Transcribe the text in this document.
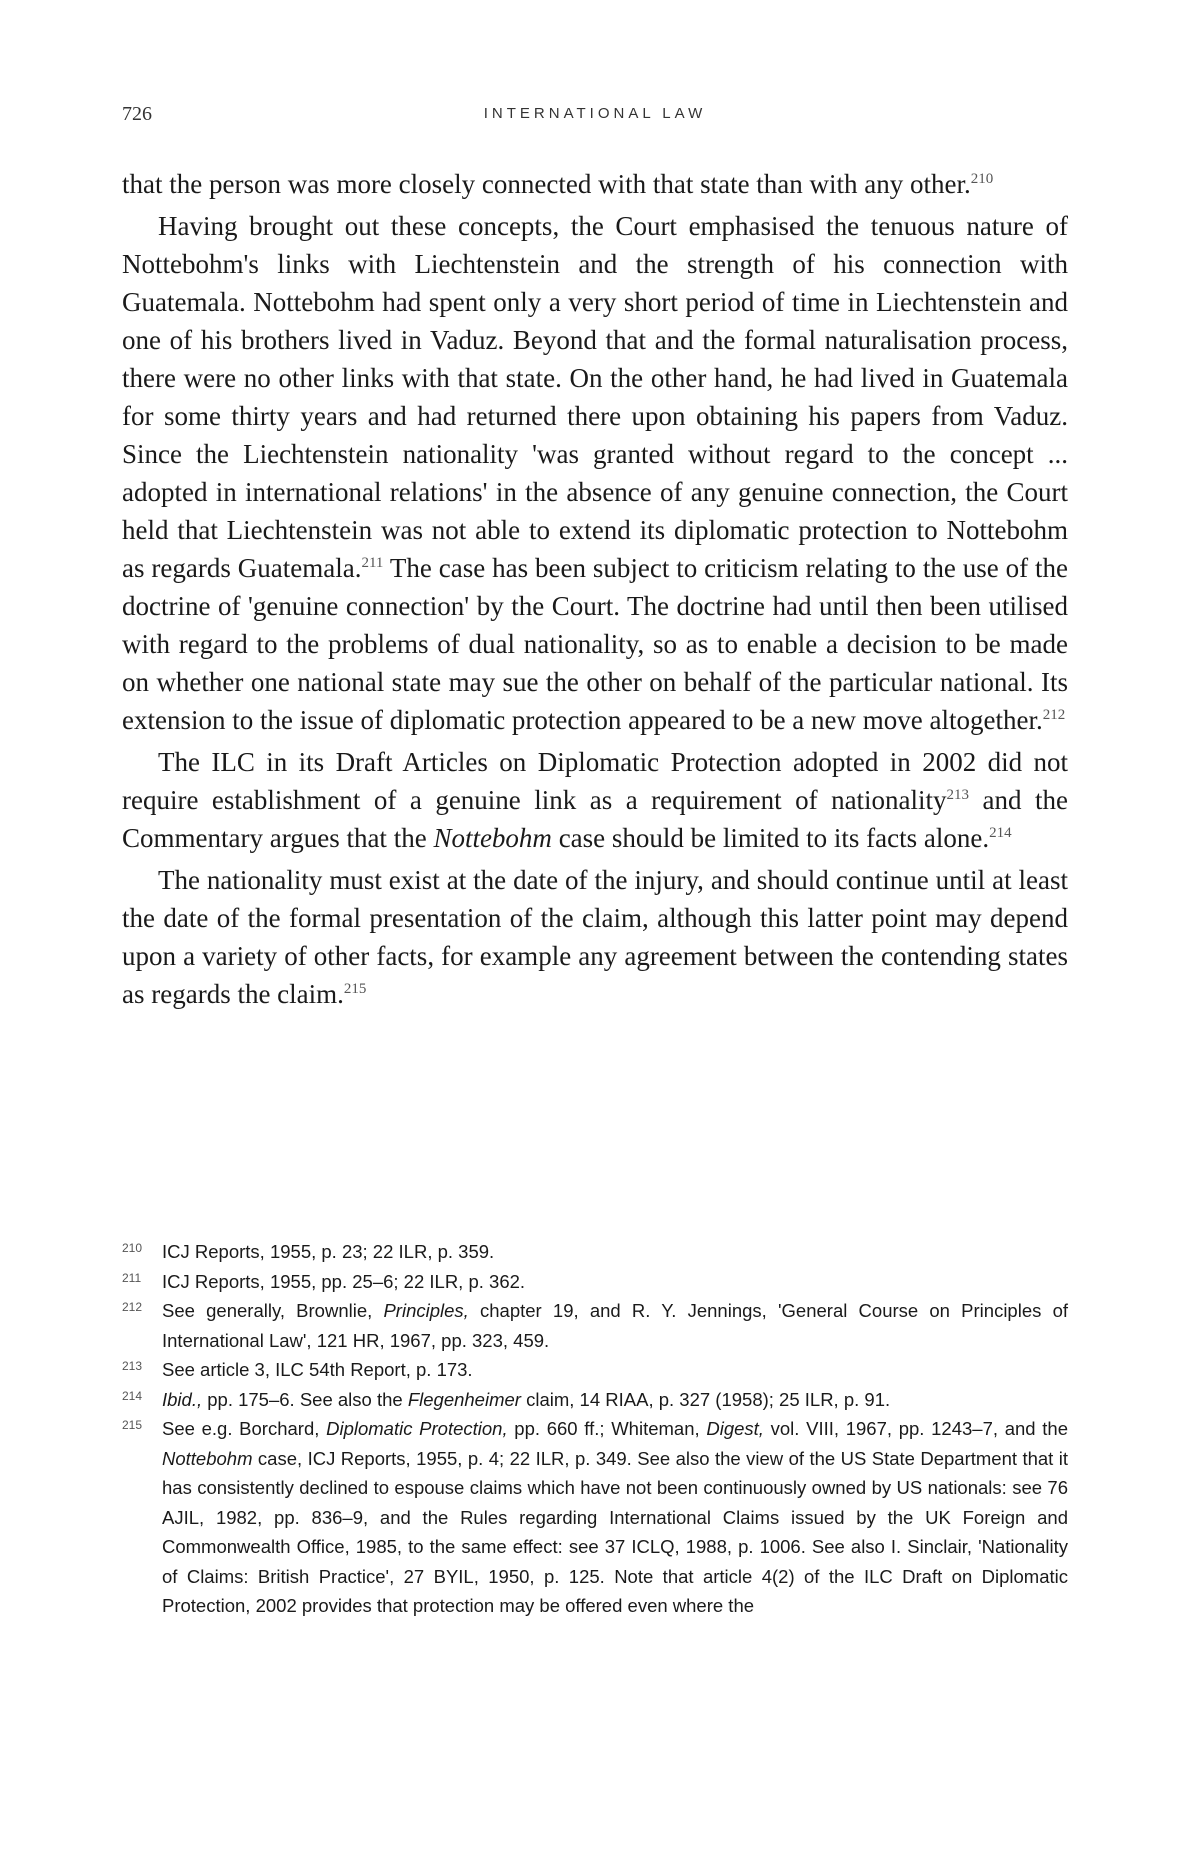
726	INTERNATIONAL LAW

that the person was more closely connected with that state than with any other.$^{210}$

Having brought out these concepts, the Court emphasised the tenuous nature of Nottebohm's links with Liechtenstein and the strength of his connection with Guatemala. Nottebohm had spent only a very short period of time in Liechtenstein and one of his brothers lived in Vaduz. Beyond that and the formal naturalisation process, there were no other links with that state. On the other hand, he had lived in Guatemala for some thirty years and had returned there upon obtaining his papers from Vaduz. Since the Liechtenstein nationality 'was granted without regard to the concept ... adopted in international relations' in the absence of any genuine connection, the Court held that Liechtenstein was not able to extend its diplomatic protection to Nottebohm as regards Guatemala.$^{211}$ The case has been subject to criticism relating to the use of the doctrine of 'genuine connection' by the Court. The doctrine had until then been utilised with regard to the problems of dual nationality, so as to enable a decision to be made on whether one national state may sue the other on behalf of the particular national. Its extension to the issue of diplomatic protection appeared to be a new move altogether.$^{212}$

The ILC in its Draft Articles on Diplomatic Protection adopted in 2002 did not require establishment of a genuine link as a requirement of nationality$^{213}$ and the Commentary argues that the Nottebohm case should be limited to its facts alone.$^{214}$

The nationality must exist at the date of the injury, and should continue until at least the date of the formal presentation of the claim, although this latter point may depend upon a variety of other facts, for example any agreement between the contending states as regards the claim.$^{215}$

210 ICJ Reports, 1955, p. 23; 22 ILR, p. 359.
211 ICJ Reports, 1955, pp. 25–6; 22 ILR, p. 362.
212 See generally, Brownlie, Principles, chapter 19, and R. Y. Jennings, 'General Course on Principles of International Law', 121 HR, 1967, pp. 323, 459.
213 See article 3, ILC 54th Report, p. 173.
214 Ibid., pp. 175–6. See also the Flegenheimer claim, 14 RIAA, p. 327 (1958); 25 ILR, p. 91.
215 See e.g. Borchard, Diplomatic Protection, pp. 660 ff.; Whiteman, Digest, vol. VIII, 1967, pp. 1243–7, and the Nottebohm case, ICJ Reports, 1955, p. 4; 22 ILR, p. 349. See also the view of the US State Department that it has consistently declined to espouse claims which have not been continuously owned by US nationals: see 76 AJIL, 1982, pp. 836–9, and the Rules regarding International Claims issued by the UK Foreign and Commonwealth Office, 1985, to the same effect: see 37 ICLQ, 1988, p. 1006. See also I. Sinclair, 'Nationality of Claims: British Practice', 27 BYIL, 1950, p. 125. Note that article 4(2) of the ILC Draft on Diplomatic Protection, 2002 provides that protection may be offered even where the
